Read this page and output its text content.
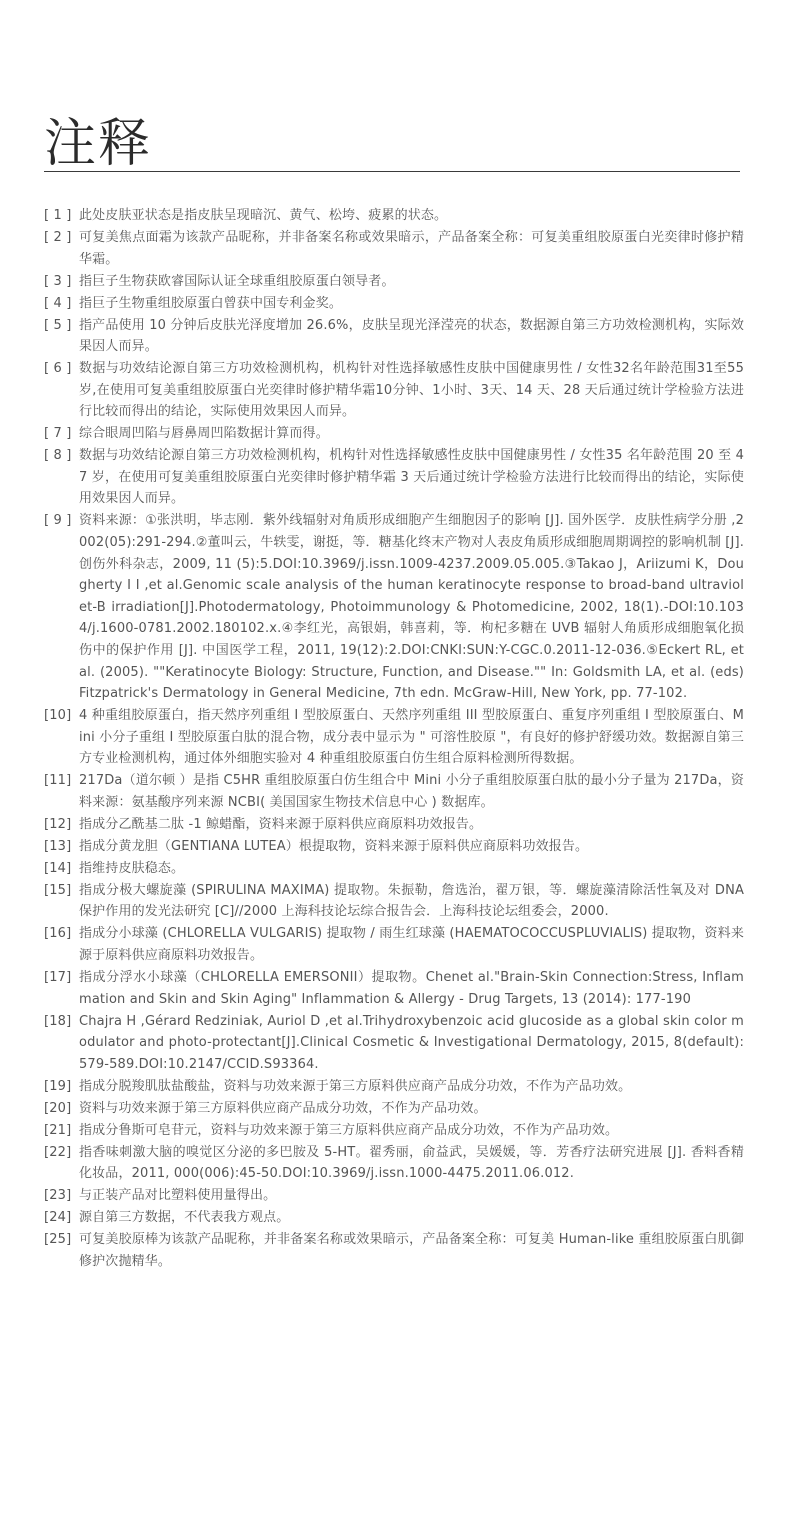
注释
[ 1 ] 此处皮肤亚状态是指皮肤呈现暗沉、黄气、松垮、疲累的状态。
[ 2 ] 可复美焦点面霜为该款产品昵称，并非备案名称或效果暗示，产品备案全称：可复美重组胶原蛋白光奕律时修护精华霜。
[ 3 ] 指巨子生物获欧睿国际认证全球重组胶原蛋白领导者。
[ 4 ] 指巨子生物重组胶原蛋白曾获中国专利金奖。
[ 5 ] 指产品使用 10 分钟后皮肤光泽度增加 26.6%，皮肤呈现光泽滢亮的状态，数据源自第三方功效检测机构，实际效果因人而异。
[ 6 ] 数据与功效结论源自第三方功效检测机构，机构针对性选择敏感性皮肤中国健康男性 / 女性32名年龄范围31至55岁,在使用可复美重组胶原蛋白光奕律时修护精华霜10分钟、1小时、3天、14 天、28 天后通过统计学检验方法进行比较而得出的结论，实际使用效果因人而异。
[ 7 ] 综合眼周凹陷与唇鼻周凹陷数据计算而得。
[ 8 ] 数据与功效结论源自第三方功效检测机构，机构针对性选择敏感性皮肤中国健康男性 / 女性35 名年龄范围 20 至 47 岁，在使用可复美重组胶原蛋白光奕律时修护精华霜 3 天后通过统计学检验方法进行比较而得出的结论，实际使用效果因人而异。
[ 9 ] 资料来源：①张洪明，毕志刚．紫外线辐射对角质形成细胞产生细胞因子的影响 [J]. 国外医学．皮肤性病学分册 ,2002(05):291-294.②董叫云，牛轶雯，谢挺，等．糖基化终末产物对人表皮角质形成细胞周期调控的影响机制 [J]. 创伤外科杂志，2009, 11 (5):5.DOI:10.3969/j.issn.1009-4237.2009.05.005.③Takao J，Ariizumi K，Dougherty I I ,et al.Genomic scale analysis of the human keratinocyte response to broad‐band ultraviolet‐B irradiation[J].Photodermatology, Photoimmunology & Photomedicine, 2002, 18(1).-DOI:10.1034/j.1600-0781.2002.180102.x.④李红光，高银娟，韩喜莉，等．枸杞多糖在 UVB 辐射人角质形成细胞氧化损伤中的保护作用 [J]. 中国医学工程，2011, 19(12):2.DOI:CNKI:SUN:Y-CGC.0.2011-12-036.⑤Eckert RL, et al. (2005). ""Keratinocyte Biology: Structure, Function, and Disease."" In: Goldsmith LA, et al. (eds) Fitzpatrick's Dermatology in General Medicine, 7th edn. McGraw-Hill, New York, pp. 77-102.
[10] 4 种重组胶原蛋白，指天然序列重组 I 型胶原蛋白、天然序列重组 III 型胶原蛋白、重复序列重组 I 型胶原蛋白、Mini 小分子重组 I 型胶原蛋白肽的混合物，成分表中显示为 " 可溶性胶原 "，有良好的修护舒缓功效。数据源自第三方专业检测机构，通过体外细胞实验对 4 种重组胶原蛋白仿生组合原料检测所得数据。
[11] 217Da（道尔顿 ）是指 C5HR 重组胶原蛋白仿生组合中 Mini 小分子重组胶原蛋白肽的最小分子量为 217Da，资料来源：氨基酸序列来源 NCBI( 美国国家生物技术信息中心 ) 数据库。
[12] 指成分乙酰基二肽 -1 鲸蜡酯，资料来源于原料供应商原料功效报告。
[13] 指成分黄龙胆（GENTIANA LUTEA）根提取物，资料来源于原料供应商原料功效报告。
[14] 指维持皮肤稳态。
[15] 指成分极大螺旋藻 (SPIRULINA MAXIMA) 提取物。朱振勒，詹选治，翟万银，等．螺旋藻清除活性氧及对 DNA 保护作用的发光法研究 [C]//2000 上海科技论坛综合报告会．上海科技论坛组委会，2000.
[16] 指成分小球藻 (CHLORELLA VULGARIS) 提取物 / 雨生红球藻 (HAEMATOCOCCUSPLUVIALIS) 提取物，资料来源于原料供应商原料功效报告。
[17] 指成分浮水小球藻（CHLORELLA EMERSONII）提取物。Chenet al."Brain-Skin Connection:Stress, Inflammation and Skin and Skin Aging" Inflammation & Allergy - Drug Targets, 13 (2014): 177-190
[18] Chajra H ,Gérard Redziniak, Auriol D ,et al.Trihydroxybenzoic acid glucoside as a global skin color modulator and photo-protectant[J].Clinical Cosmetic & Investigational Dermatology, 2015, 8(default):579-589.DOI:10.2147/CCID.S93364.
[19] 指成分脱羧肌肽盐酸盐，资料与功效来源于第三方原料供应商产品成分功效，不作为产品功效。
[20] 资料与功效来源于第三方原料供应商产品成分功效，不作为产品功效。
[21] 指成分鲁斯可皂苷元，资料与功效来源于第三方原料供应商产品成分功效，不作为产品功效。
[22] 指香味刺激大脑的嗅觉区分泌的多巴胺及 5-HT。翟秀丽，俞益武，吴媛媛，等．芳香疗法研究进展 [J]. 香料香精化妆品，2011, 000(006):45-50.DOI:10.3969/j.issn.1000-4475.2011.06.012.
[23] 与正装产品对比塑料使用量得出。
[24] 源自第三方数据，不代表我方观点。
[25] 可复美胶原棒为该款产品昵称，并非备案名称或效果暗示，产品备案全称：可复美 Human-like 重组胶原蛋白肌御修护次抛精华。
